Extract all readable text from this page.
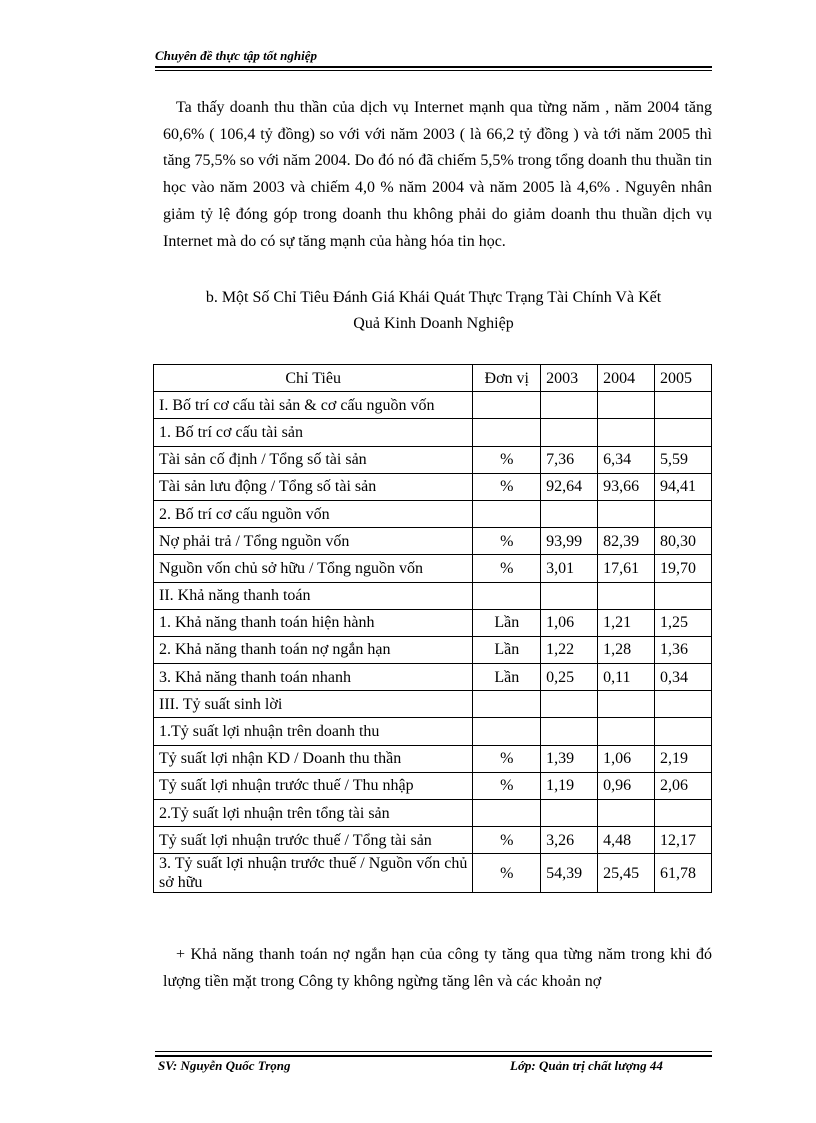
Chuyên đề thực tập tốt nghiệp

Ta thấy doanh thu thần của dịch vụ Internet mạnh qua từng năm , năm 2004 tăng 60,6% ( 106,4 tỷ đồng) so với với năm 2003 ( là 66,2 tỷ đồng ) và tới năm 2005 thì tăng 75,5% so với năm 2004. Do đó nó đã chiếm 5,5% trong tổng doanh thu thuần tin học vào năm 2003 và chiếm 4,0 % năm 2004 và năm 2005 là 4,6% . Nguyên nhân giảm tỷ lệ đóng góp trong doanh thu không phải do giảm doanh thu thuần dịch vụ Internet mà do có sự tăng mạnh của hàng hóa tin học.

b. Một Số Chỉ Tiêu Đánh Giá Khái Quát Thực Trạng Tài Chính Và Kết

Quả Kinh Doanh Nghiệp

Chỉ Tiêu	Đơn vị	2003	2004	2005
I. Bố trí cơ cấu tài sản & cơ cấu nguồn vốn				
1. Bố trí cơ cấu tài sản				
Tài sản cố định / Tổng số tài sản	%	7,36	6,34	5,59
Tài sản lưu động / Tổng số tài sản	%	92,64	93,66	94,41
2. Bố trí cơ cấu nguồn vốn				
Nợ phải trả / Tổng nguồn vốn	%	93,99	82,39	80,30
Nguồn vốn chủ sở hữu / Tổng nguồn vốn	%	3,01	17,61	19,70
II. Khả năng thanh toán				
1. Khả năng thanh toán hiện hành	Lần	1,06	1,21	1,25
2. Khả năng thanh toán nợ ngắn hạn	Lần	1,22	1,28	1,36
3. Khả năng thanh toán nhanh	Lần	0,25	0,11	0,34
III. Tỷ suất sinh lời				
1.Tỷ suất lợi nhuận trên doanh thu				
Tỷ suất lợi nhận KD / Doanh thu thần	%	1,39	1,06	2,19
Tỷ suất lợi nhuận trước thuế / Thu nhập	%	1,19	0,96	2,06
2.Tỷ suất lợi nhuận trên tổng tài sản				
Tỷ suất lợi nhuận trước thuế / Tổng tài sản	%	3,26	4,48	12,17
3. Tỷ suất lợi nhuận trước thuế / Nguồn vốn chủ sở hữu	%	54,39	25,45	61,78

+ Khả năng thanh toán nợ ngắn hạn của công ty tăng qua từng năm trong khi đó lượng tiền mặt trong Công ty không ngừng tăng lên và các khoản nợ

SV: Nguyễn Quốc Trọng	Lớp: Quản trị chất lượng 44
